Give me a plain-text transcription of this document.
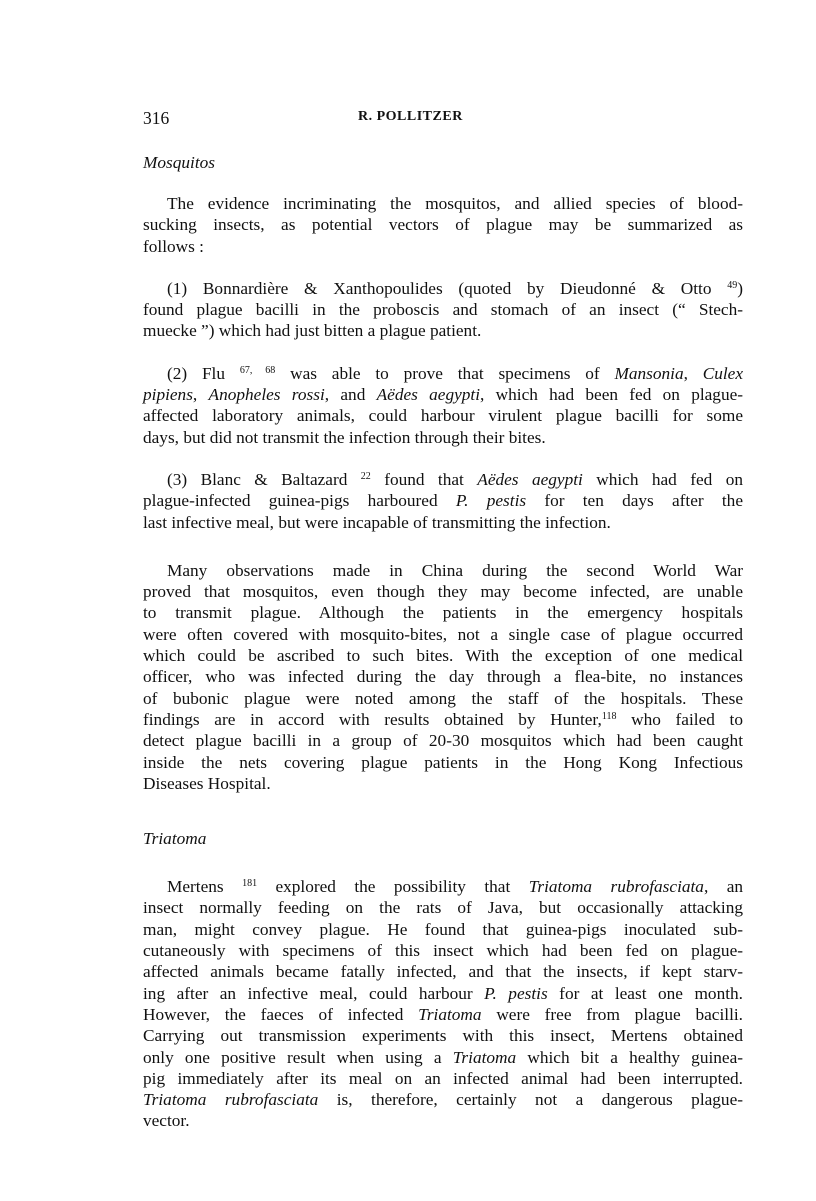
316	R. POLLITZER
Mosquitos
The evidence incriminating the mosquitos, and allied species of blood-
sucking insects, as potential vectors of plague may be summarized as
follows :
(1) Bonnardière & Xanthopoulides (quoted by Dieudonné & Otto $^{49}$)
found plague bacilli in the proboscis and stomach of an insect (“ Stech-
muecke ”) which had just bitten a plague patient.
(2) Flu $^{67, 68}$ was able to prove that specimens of Mansonia, Culex
pipiens, Anopheles rossi, and Aëdes aegypti, which had been fed on plague-
affected laboratory animals, could harbour virulent plague bacilli for some
days, but did not transmit the infection through their bites.
(3) Blanc & Baltazard $^{22}$ found that Aëdes aegypti which had fed on
plague-infected guinea-pigs harboured P. pestis for ten days after the
last infective meal, but were incapable of transmitting the infection.
Many observations made in China during the second World War
proved that mosquitos, even though they may become infected, are unable
to transmit plague. Although the patients in the emergency hospitals
were often covered with mosquito-bites, not a single case of plague occurred
which could be ascribed to such bites. With the exception of one medical
officer, who was infected during the day through a flea-bite, no instances
of bubonic plague were noted among the staff of the hospitals. These
findings are in accord with results obtained by Hunter,$^{118}$ who failed to
detect plague bacilli in a group of 20-30 mosquitos which had been caught
inside the nets covering plague patients in the Hong Kong Infectious
Diseases Hospital.
Triatoma
Mertens $^{181}$ explored the possibility that Triatoma rubrofasciata, an
insect normally feeding on the rats of Java, but occasionally attacking
man, might convey plague. He found that guinea-pigs inoculated sub-
cutaneously with specimens of this insect which had been fed on plague-
affected animals became fatally infected, and that the insects, if kept starv-
ing after an infective meal, could harbour P. pestis for at least one month.
However, the faeces of infected Triatoma were free from plague bacilli.
Carrying out transmission experiments with this insect, Mertens obtained
only one positive result when using a Triatoma which bit a healthy guinea-
pig immediately after its meal on an infected animal had been interrupted.
Triatoma rubrofasciata is, therefore, certainly not a dangerous plague-
vector.
